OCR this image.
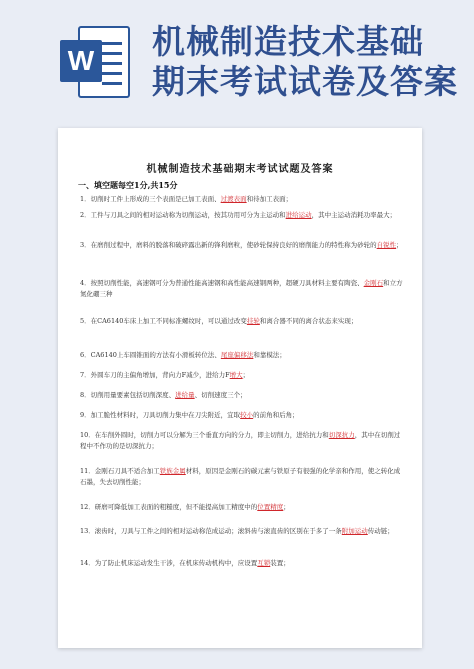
W 机械制造技术基础
期末考试试卷及答案

机械制造技术基础期末考试试题及答案

一、填空题每空1分,共15分

1．切削时工件上形成的三个表面是已加工表面、过渡表面和待加工表面；

2．工件与刀具之间的相对运动称为切削运动，按其功用可分为主运动和进给运动，其中主运动消耗功率最大；

3．在磨削过程中，磨料的脱落和破碎露出新的锋利磨粒，使砂轮保持良好的磨削能力的特性称为砂轮的自锐性；

4．按照切削性能，高速钢可分为普通性能高速钢和高性能高速钢两种，超硬刀具材料主要有陶瓷、金刚石和立方氮化硼三种

5．在CA6140车床上加工不同标准螺纹时，可以通过改变挂轮和离合器不同的离合状态来实现；

6．CA6140上车圆锥面的方法有小滑板转位法、尾座偏移法和靠模法；

7．外圆车刀的主偏角增加，背向力F减少，进给力F增大；

8．切削用量要素包括切削深度、进给量、切削速度三个；

9．加工脆性材料时，刀具切削力集中在刀尖附近，宜取较小的前角和后角；

10．在车削外圆时，切削力可以分解为三个垂直方向的分力，即主切削力，进给抗力和切深抗力，其中在切削过程中不作功的是切深抗力；

11．金刚石刀具不适合加工铁族金属材料，原因是金刚石的碳元素与铁原子有很强的化学亲和作用，使之转化成石墨，失去切削性能；

12．研磨可降低加工表面的粗糙度，但不能提高加工精度中的位置精度；

13．滚齿时，刀具与工件之间的相对运动称范成运动；滚斜齿与滚直齿的区别在于多了一条附加运动传动链；

14．为了防止机床运动发生干涉，在机床传动机构中，应设置互锁装置；
